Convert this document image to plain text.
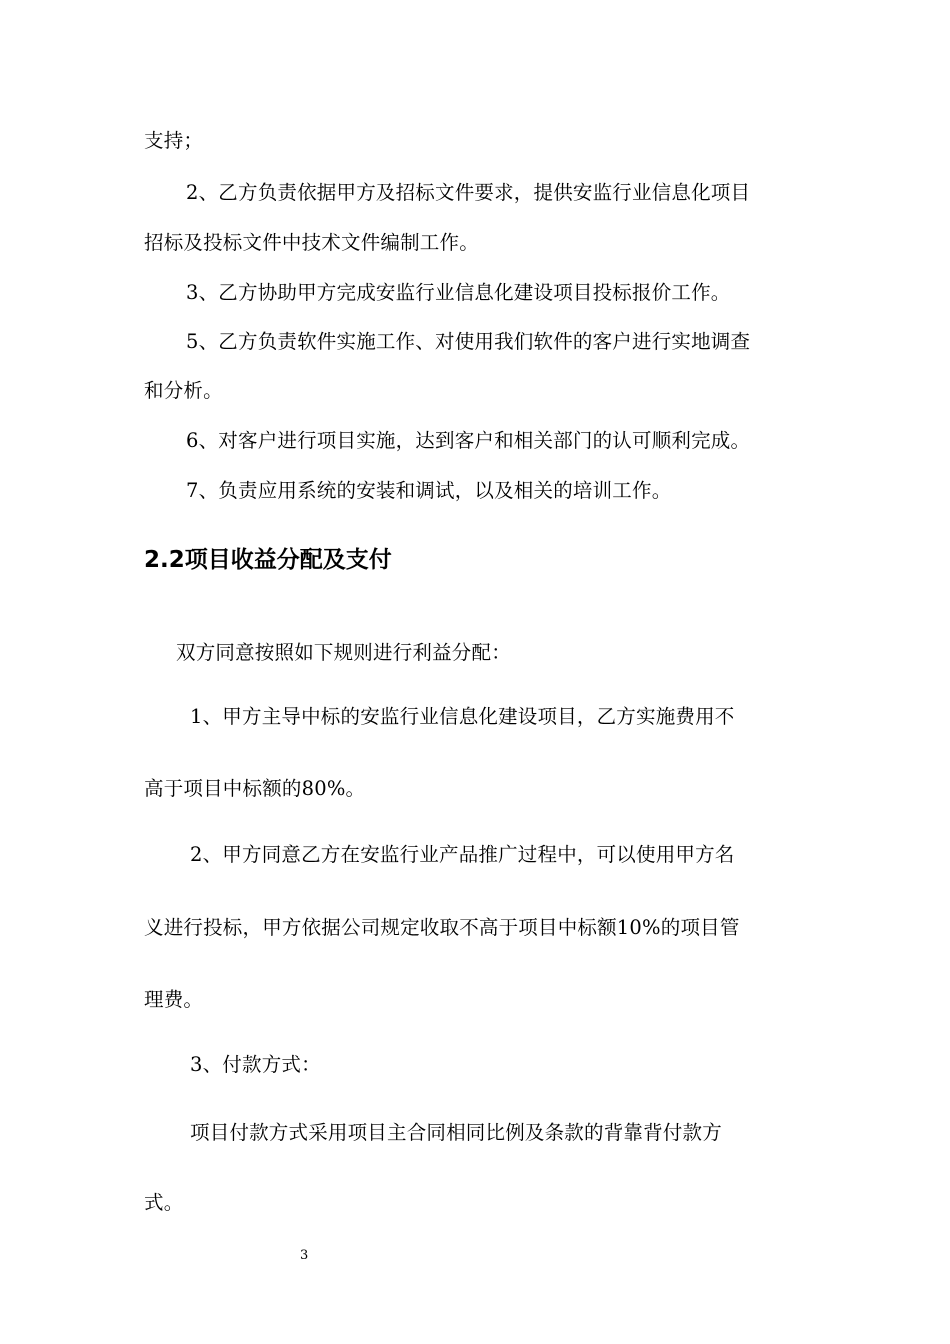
支持；
2、乙方负责依据甲方及招标文件要求，提供安监行业信息化项目
招标及投标文件中技术文件编制工作。
3、乙方协助甲方完成安监行业信息化建设项目投标报价工作。
5、乙方负责软件实施工作、对使用我们软件的客户进行实地调查
和分析。
6、对客户进行项目实施，达到客户和相关部门的认可顺利完成。
7、负责应用系统的安装和调试，以及相关的培训工作。
2.2项目收益分配及支付
双方同意按照如下规则进行利益分配：
1、甲方主导中标的安监行业信息化建设项目，乙方实施费用不
高于项目中标额的80%。
2、甲方同意乙方在安监行业产品推广过程中，可以使用甲方名
义进行投标，甲方依据公司规定收取不高于项目中标额10%的项目管
理费。
3、付款方式：
项目付款方式采用项目主合同相同比例及条款的背靠背付款方
式。
3
